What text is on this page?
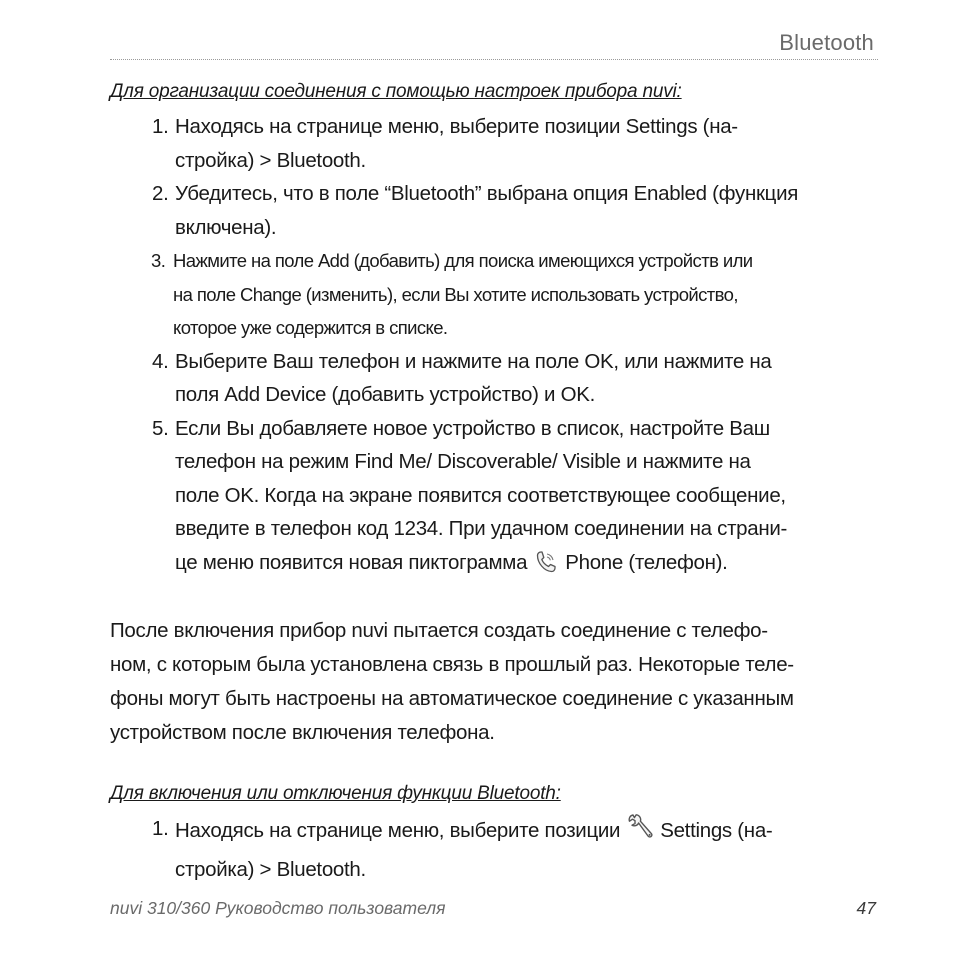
Bluetooth

Для организации соединения с помощью настроек прибора nuvi:

1. Находясь на странице меню, выберите позиции Settings (на-
стройка) > Bluetooth.
2. Убедитесь, что в поле “Bluetooth” выбрана опция Enabled (функция
включена).
3. Нажмите на поле Add (добавить) для поиска имеющихся устройств или
на поле Change (изменить), если Вы хотите использовать устройство,
которое уже содержится в списке.
4. Выберите Ваш телефон и нажмите на поле OK, или нажмите на
поля Add Device (добавить устройство) и OK.
5. Если Вы добавляете новое устройство в список, настройте Ваш
телефон на режим Find Me/ Discoverable/ Visible и нажмите на
поле OK. Когда на экране появится соответствующее сообщение,
введите в телефон код 1234. При удачном соединении на страни-
це меню появится новая пиктограмма Phone (телефон).

После включения прибор nuvi пытается создать соединение с телефо-
ном, с которым была установлена связь в прошлый раз. Некоторые теле-
фоны могут быть настроены на автоматическое соединение с указанным
устройством после включения телефона.

Для включения или отключения функции Bluetooth:

1. Находясь на странице меню, выберите позиции Settings (на-
стройка) > Bluetooth.
nuvi 310/360 Руководство пользователя	47
